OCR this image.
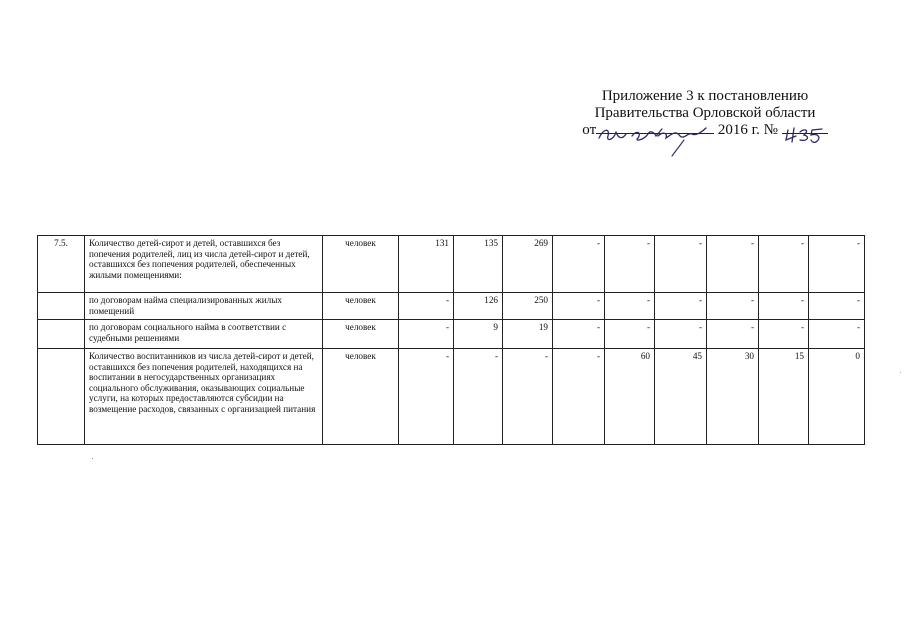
Приложение 3 к постановлению
Правительства Орловской области
от	2016 г. №
7.5.	Количество детей-сирот и детей, оставшихся без попечения родителей, лиц из числа детей-сирот и детей, оставшихся без попечения родителей, обеспеченных жилыми помещениями:	человек	131	135	269	-	-	-	-	-	-
	по договорам найма специализированных жилых помещений	человек	-	126	250	-	-	-	-	-	-
	по договорам социального найма в соответствии с судебными решениями	человек	-	9	19	-	-	-	-	-	-
	Количество воспитанников из числа детей-сирот и детей, оставшихся без попечения родителей, находящихся на воспитании в негосударственных организациях социального обслуживания, оказывающих социальные услуги, на которых предоставляются субсидии на возмещение расходов, связанных с организацией питания	человек	-	-	-	-	60	45	30	15	0
